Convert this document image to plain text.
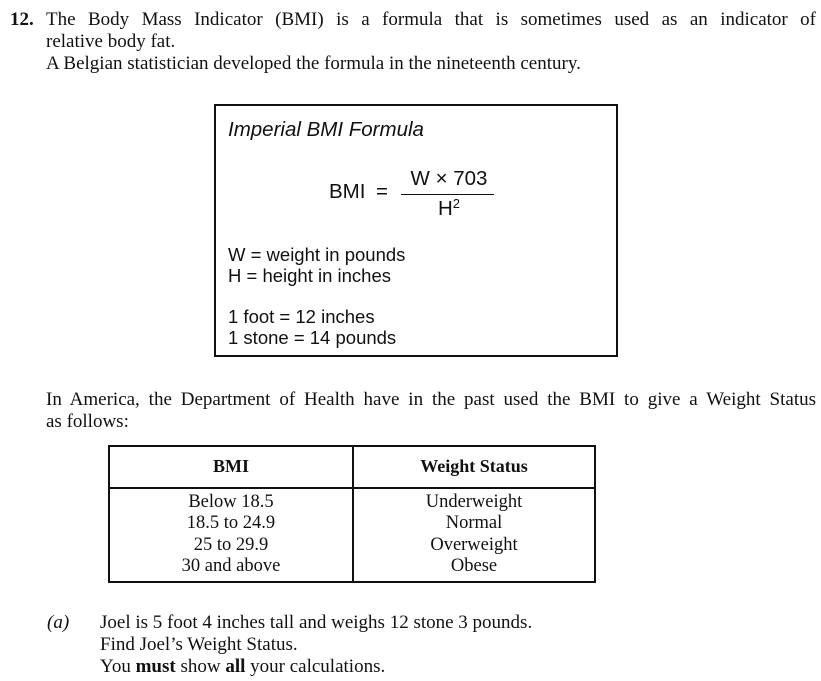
12. The Body Mass Indicator (BMI) is a formula that is sometimes used as an indicator of
relative body fat.
A Belgian statistician developed the formula in the nineteenth century.
Imperial BMI Formula
BMI =
W × 703
$H^2$
W = weight in pounds
H = height in inches
1 foot = 12 inches
1 stone = 14 pounds
In America, the Department of Health have in the past used the BMI to give a Weight Status
as follows:
BMI	Weight Status
Below 18.5
18.5 to 24.9
25 to 29.9
30 and above
Underweight
Normal
Overweight
Obese
(a) Joel is 5 foot 4 inches tall and weighs 12 stone 3 pounds.
Find Joel’s Weight Status.
You must show all your calculations.
